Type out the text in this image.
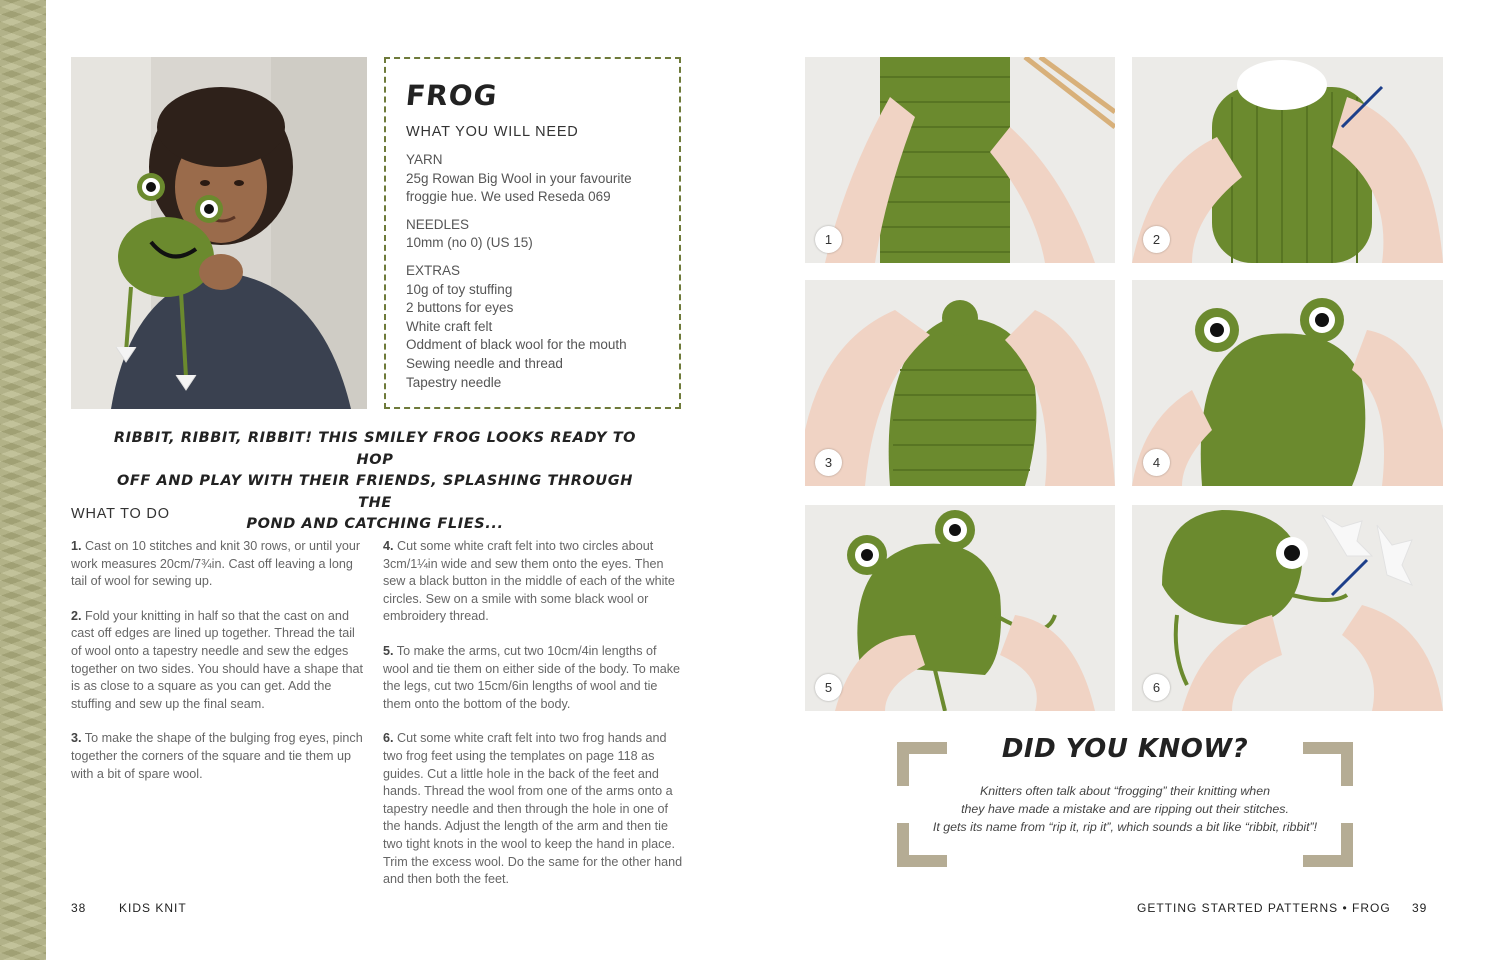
FROG
WHAT YOU WILL NEED
YARN
25g Rowan Big Wool in your favourite
froggie hue. We used Reseda 069
NEEDLES
10mm (no 0) (US 15)
EXTRAS
10g of toy stuffing
2 buttons for eyes
White craft felt
Oddment of black wool for the mouth
Sewing needle and thread
Tapestry needle
RIBBIT, RIBBIT, RIBBIT! THIS SMILEY FROG LOOKS READY TO HOP
OFF AND PLAY WITH THEIR FRIENDS, SPLASHING THROUGH THE
POND AND CATCHING FLIES...
WHAT TO DO

1. Cast on 10 stitches and knit 30 rows, or until your work measures 20cm/7¾in. Cast off leaving a long tail of wool for sewing up.

2. Fold your knitting in half so that the cast on and cast off edges are lined up together. Thread the tail of wool onto a tapestry needle and sew the edges together on two sides. You should have a shape that is as close to a square as you can get. Add the stuffing and sew up the final seam.

3. To make the shape of the bulging frog eyes, pinch together the corners of the square and tie them up with a bit of spare wool.

4. Cut some white craft felt into two circles about 3cm/1¼in wide and sew them onto the eyes. Then sew a black button in the middle of each of the white circles. Sew on a smile with some black wool or embroidery thread.

5. To make the arms, cut two 10cm/4in lengths of wool and tie them on either side of the body. To make the legs, cut two 15cm/6in lengths of wool and tie them onto the bottom of the body.

6. Cut some white craft felt into two frog hands and two frog feet using the templates on page 118 as guides. Cut a little hole in the back of the feet and hands. Thread the wool from one of the arms onto a tapestry needle and then through the hole in one of the hands. Adjust the length of the arm and then tie two tight knots in the wool to keep the hand in place. Trim the excess wool. Do the same for the other hand and then both the feet.

1	2
3	4
5	6
DID YOU KNOW?
Knitters often talk about “frogging” their knitting when
they have made a mistake and are ripping out their stitches.
It gets its name from “rip it, rip it”, which sounds a bit like “ribbit, ribbit”!
38	KIDS KNIT	GETTING STARTED PATTERNS • FROG 39
